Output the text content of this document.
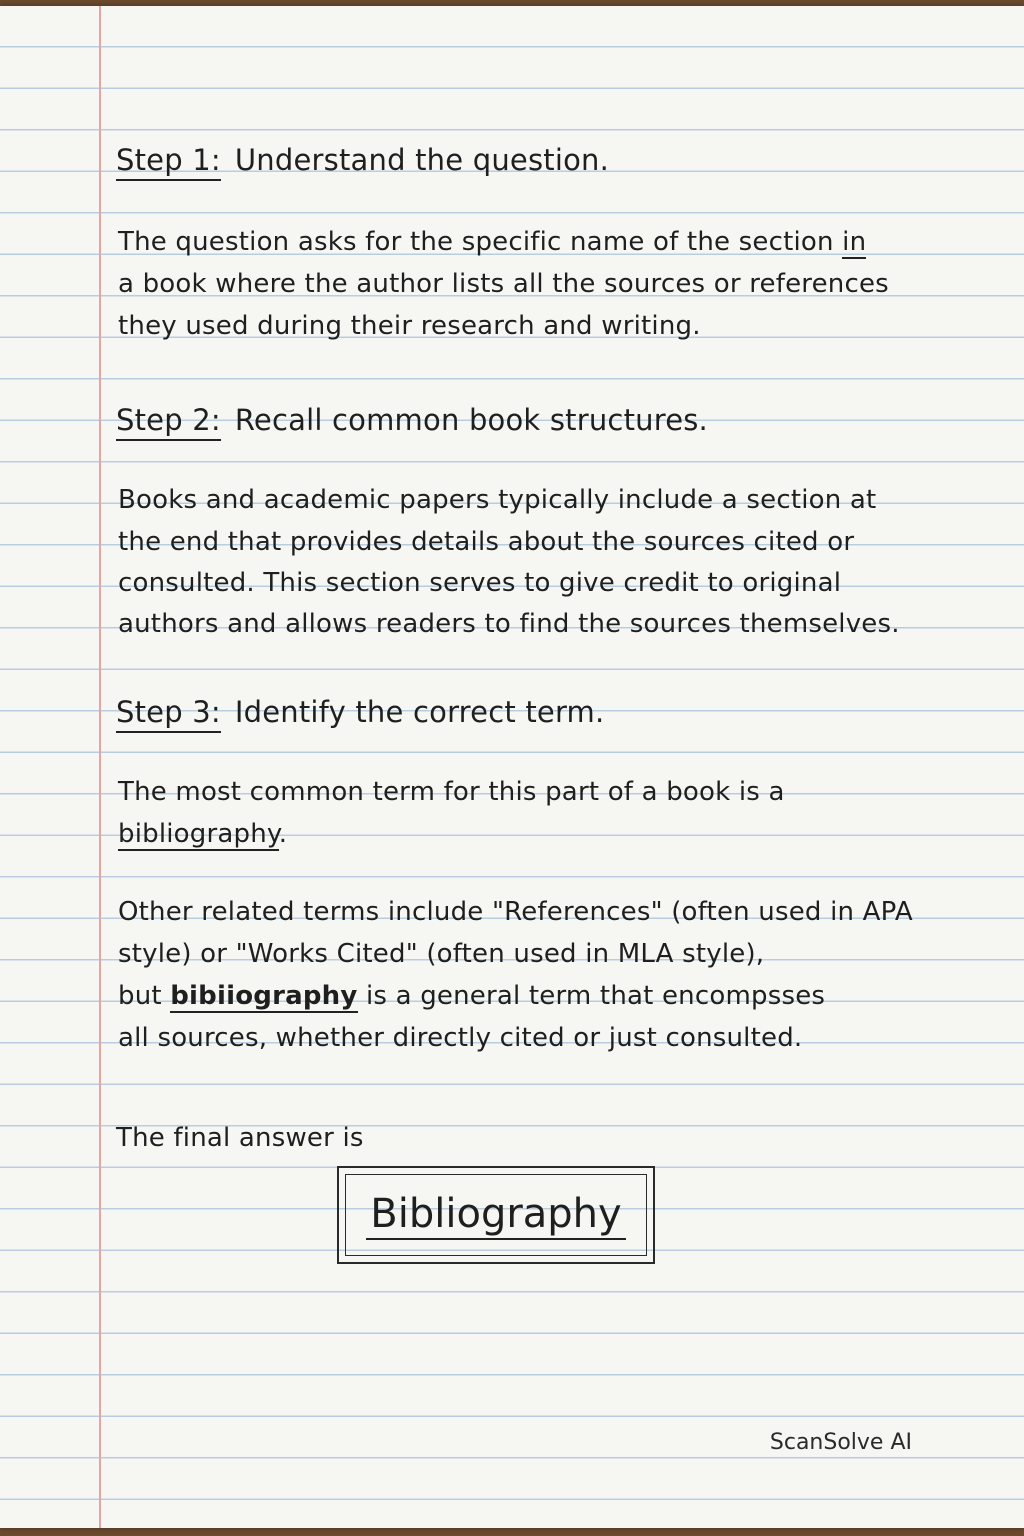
Step 1: Understand the question.

The question asks for the specific name of the section in

a book where the author lists all the sources or references

they used during their research and writing.

Step 2: Recall common book structures.

Books and academic papers typically include a section at

the end that provides details about the sources cited or

consulted. This section serves to give credit to original

authors and allows readers to find the sources themselves.

Step 3: Identify the correct term.

The most common term for this part of a book is a

bibliography.

Other related terms include "References" (often used in APA

style) or "Works Cited" (often used in MLA style),

but bibiiography is a general term that encompsses

all sources, whether directly cited or just consulted.

The final answer is

Bibliography
ScanSolve AI
